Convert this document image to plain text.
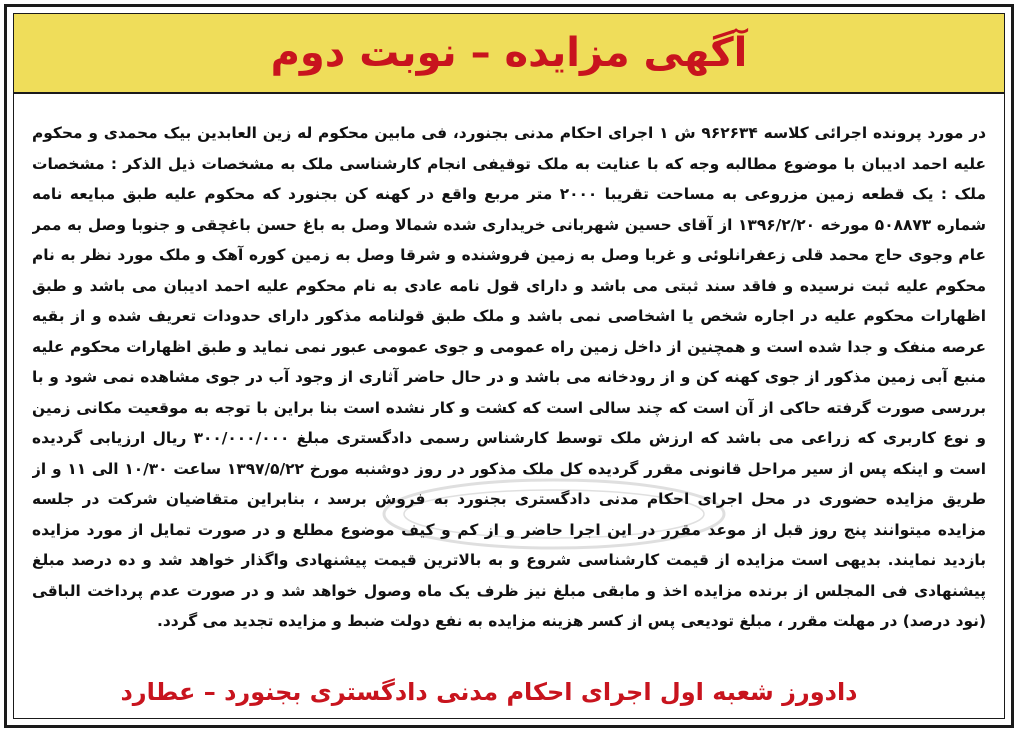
آگهی مزایده – نوبت دوم
در مورد پرونده اجرائی کلاسه ۹۶۲۶۳۴ ش ۱ اجرای احکام مدنی بجنورد، فی مابین محکوم له زین العابدین بیک محمدی و محکوم علیه احمد ادیبان با موضوع مطالبه وجه که با عنایت به ملک توقیفی انجام کارشناسی ملک به مشخصات ذیل الذکر : مشخصات ملک : یک قطعه زمین مزروعی به مساحت تقریبا ۲۰۰۰ متر مربع واقع در کهنه کن بجنورد که محکوم علیه طبق مبایعه نامه شماره ۵۰۸۸۷۳ مورخه ۱۳۹۶/۲/۲۰ از آقای حسین شهربانی خریداری شده شمالا وصل به باغ حسن باغچقی و جنوبا وصل به ممر عام وجوی حاج محمد قلی زعفرانلوئی و غربا وصل به زمین فروشنده و شرقا وصل به زمین کوره آهک و ملک مورد نظر به نام محکوم علیه ثبت نرسیده و فاقد سند ثبتی می باشد و دارای قول نامه عادی به نام محکوم علیه احمد ادیبان می باشد و طبق اظهارات محکوم علیه در اجاره شخص یا اشخاصی نمی باشد و ملک طبق قولنامه مذکور دارای حدودات تعریف شده و از بقیه عرصه منفک و جدا شده است و همچنین از داخل زمین راه عمومی و جوی عمومی عبور نمی نماید و طبق اظهارات محکوم علیه منبع آبی زمین مذکور از جوی کهنه کن و از رودخانه می باشد و در حال حاضر آثاری از وجود آب در جوی مشاهده نمی شود و با بررسی صورت گرفته حاکی از آن است که چند سالی است که کشت و کار نشده است بنا براین با توجه به موقعیت مکانی زمین و نوع کاربری که زراعی می باشد که ارزش ملک توسط کارشناس رسمی دادگستری مبلغ ۳۰۰/۰۰۰/۰۰۰ ریال ارزیابی گردیده است و اینکه پس از سیر مراحل قانونی مقرر گردیده کل ملک مذکور در روز دوشنبه مورخ ۱۳۹۷/۵/۲۲ ساعت ۱۰/۳۰ الی ۱۱ و از طریق مزایده حضوری در محل اجرای احکام مدنی دادگستری بجنورد به فروش برسد ، بنابراین متقاضیان شرکت در جلسه مزایده میتوانند پنج روز قبل از موعد مقرر در این اجرا حاضر و از کم و کیف موضوع مطلع و در صورت تمایل از مورد مزایده بازدید نمایند. بدیهی است مزایده از قیمت کارشناسی شروع و به بالاترین قیمت پیشنهادی واگذار خواهد شد و ده درصد مبلغ پیشنهادی فی المجلس از برنده مزایده اخذ و مابقی مبلغ نیز ظرف یک ماه وصول خواهد شد و در صورت عدم پرداخت الباقی (نود درصد) در مهلت مقرر ، مبلغ تودیعی پس از کسر هزینه مزایده به نفع دولت ضبط و مزایده تجدید می گردد.
دادورز شعبه اول اجرای احکام مدنی دادگستری بجنورد – عطارد
